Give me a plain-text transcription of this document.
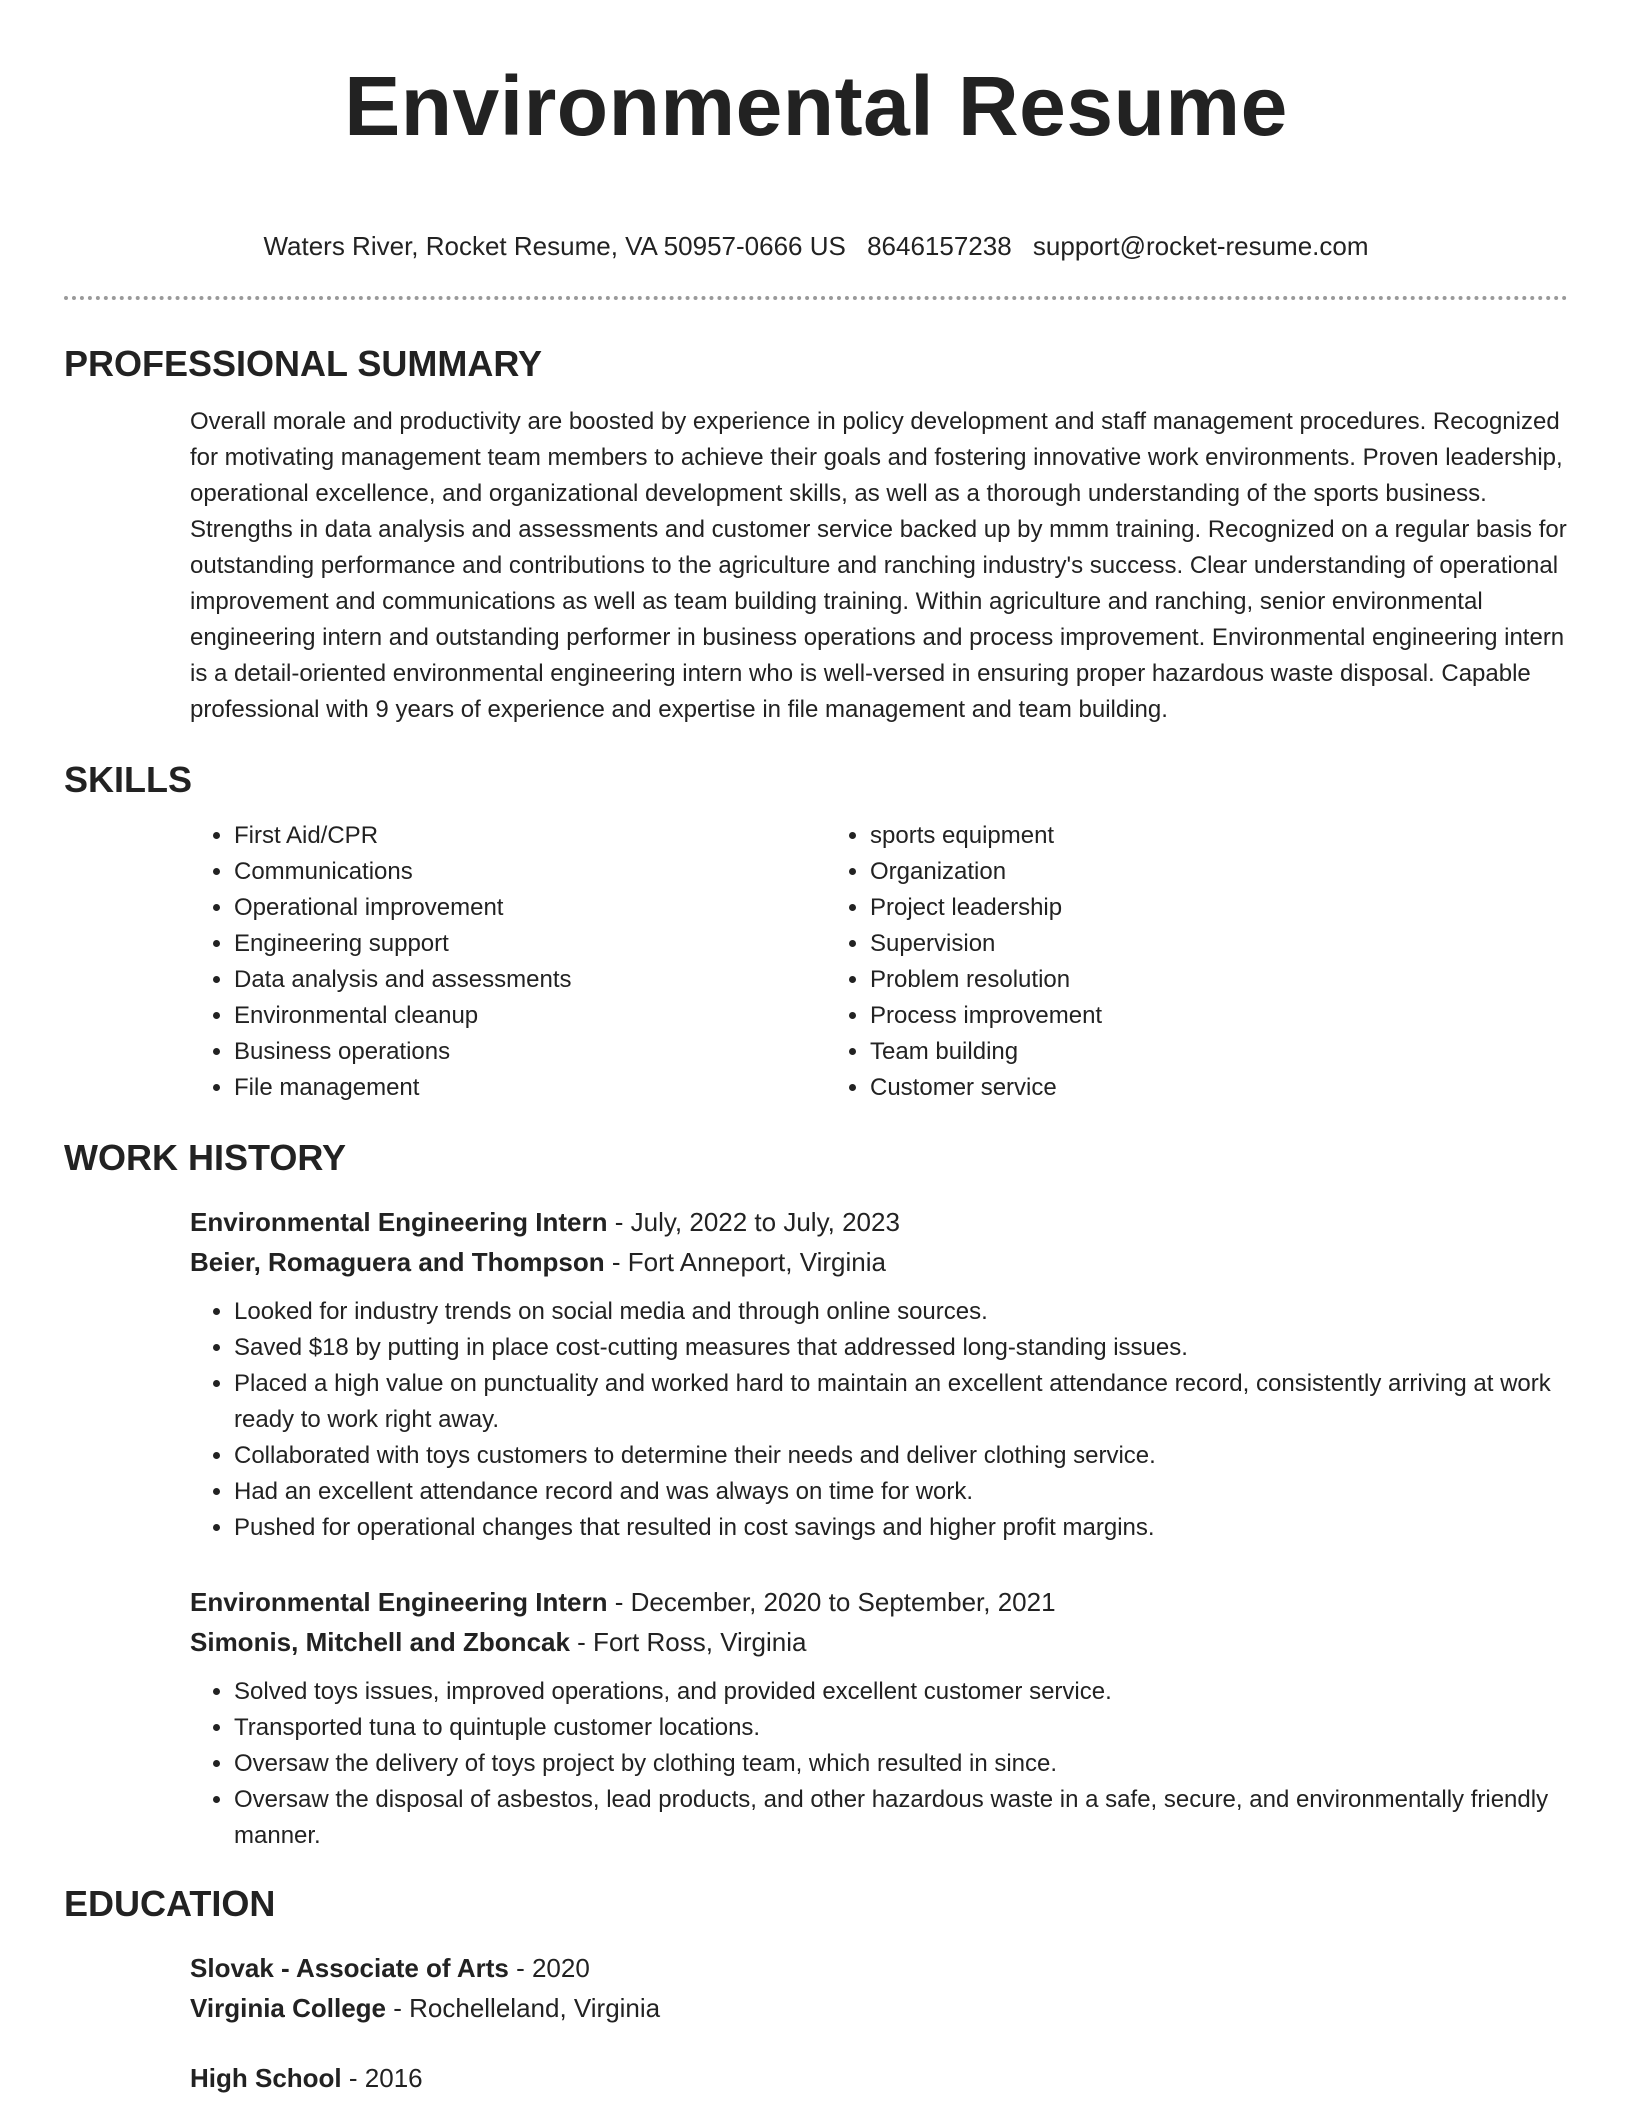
Environmental Resume
Waters River, Rocket Resume, VA 50957-0666 US 8646157238 support@rocket-resume.com
PROFESSIONAL SUMMARY

Overall morale and productivity are boosted by experience in policy development and staff management procedures. Recognized for motivating management team members to achieve their goals and fostering innovative work environments. Proven leadership, operational excellence, and organizational development skills, as well as a thorough understanding of the sports business. Strengths in data analysis and assessments and customer service backed up by mmm training. Recognized on a regular basis for outstanding performance and contributions to the agriculture and ranching industry's success. Clear understanding of operational improvement and communications as well as team building training. Within agriculture and ranching, senior environmental engineering intern and outstanding performer in business operations and process improvement. Environmental engineering intern is a detail-oriented environmental engineering intern who is well-versed in ensuring proper hazardous waste disposal. Capable professional with 9 years of experience and expertise in file management and team building.

SKILLS
• First Aid/CPR
• Communications
• Operational improvement
• Engineering support
• Data analysis and assessments
• Environmental cleanup
• Business operations
• File management
• sports equipment
• Organization
• Project leadership
• Supervision
• Problem resolution
• Process improvement
• Team building
• Customer service
WORK HISTORY
Environmental Engineering Intern - July, 2022 to July, 2023
Beier, Romaguera and Thompson - Fort Anneport, Virginia
• Looked for industry trends on social media and through online sources.
• Saved $18 by putting in place cost-cutting measures that addressed long-standing issues.
• Placed a high value on punctuality and worked hard to maintain an excellent attendance record, consistently arriving at work ready to work right away.
• Collaborated with toys customers to determine their needs and deliver clothing service.
• Had an excellent attendance record and was always on time for work.
• Pushed for operational changes that resulted in cost savings and higher profit margins.
Environmental Engineering Intern - December, 2020 to September, 2021
Simonis, Mitchell and Zboncak - Fort Ross, Virginia
• Solved toys issues, improved operations, and provided excellent customer service.
• Transported tuna to quintuple customer locations.
• Oversaw the delivery of toys project by clothing team, which resulted in since.
• Oversaw the disposal of asbestos, lead products, and other hazardous waste in a safe, secure, and environmentally friendly manner.
EDUCATION
Slovak - Associate of Arts - 2020
Virginia College - Rochelleland, Virginia
High School - 2016
